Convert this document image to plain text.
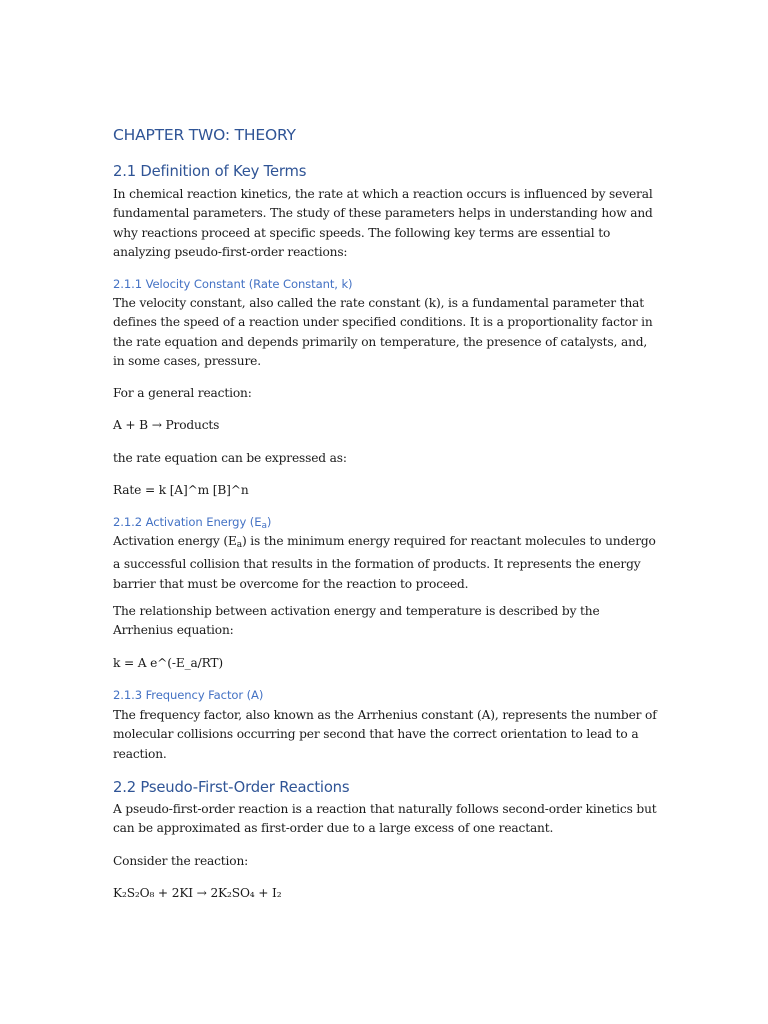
CHAPTER TWO: THEORY
2.1 Definition of Key Terms

In chemical reaction kinetics, the rate at which a reaction occurs is influenced by several fundamental parameters. The study of these parameters helps in understanding how and why reactions proceed at specific speeds. The following key terms are essential to analyzing pseudo-first-order reactions:

2.1.1 Velocity Constant (Rate Constant, k)

The velocity constant, also called the rate constant (k), is a fundamental parameter that defines the speed of a reaction under specified conditions. It is a proportionality factor in the rate equation and depends primarily on temperature, the presence of catalysts, and, in some cases, pressure.

For a general reaction:

A + B → Products

the rate equation can be expressed as:

Rate = k [A]^m [B]^n

2.1.2 Activation Energy $(E_a)$

Activation energy $(E_a)$ is the minimum energy required for reactant molecules to undergo a successful collision that results in the formation of products. It represents the energy barrier that must be overcome for the reaction to proceed.

The relationship between activation energy and temperature is described by the Arrhenius equation:

k = A e^(-E_a/RT)

2.1.3 Frequency Factor (A)

The frequency factor, also known as the Arrhenius constant (A), represents the number of molecular collisions occurring per second that have the correct orientation to lead to a reaction.

2.2 Pseudo-First-Order Reactions

A pseudo-first-order reaction is a reaction that naturally follows second-order kinetics but can be approximated as first-order due to a large excess of one reactant.

Consider the reaction:

K₂S₂O₈ + 2KI → 2K₂SO₄ + I₂
